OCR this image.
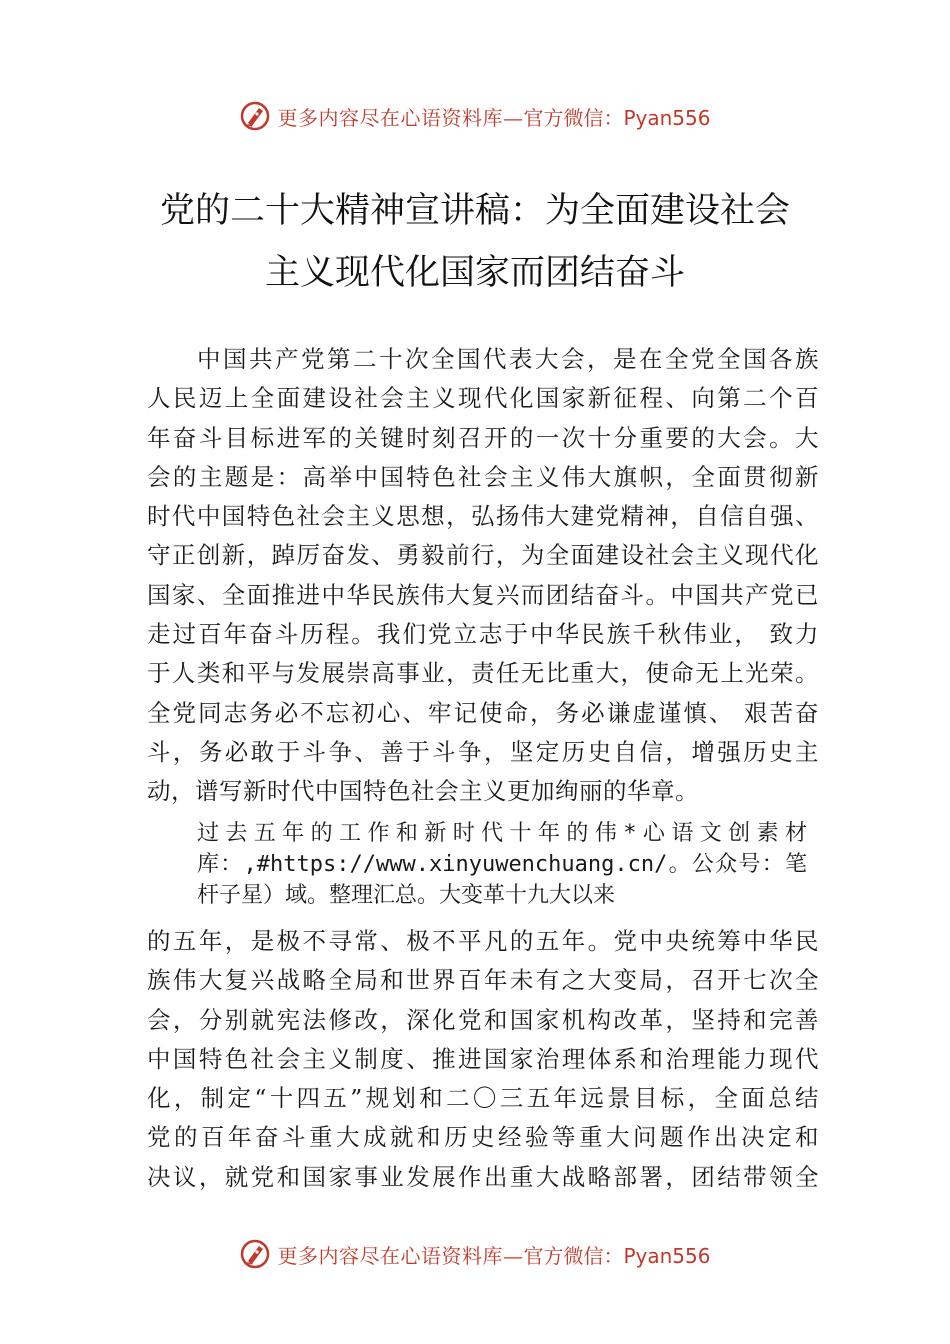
更多内容尽在心语资料库— 官方微信：Pyan556
党的二十大精神宣讲稿：为全面建设社会
主义现代化国家而团结奋斗
中国共产党第二十次全国代表大会，是在全党全国各族
人民迈上全面建设社会主义现代化国家新征程、向第二个百
年奋斗目标进军的关键时刻召开的一次十分重要的大会。大
会的主题是：高举中国特色社会主义伟大旗帜，全面贯彻新
时代中国特色社会主义思想，弘扬伟大建党精神，自信自强、
守正创新，踔厉奋发、勇毅前行，为全面建设社会主义现代化
国家、全面推进中华民族伟大复兴而团结奋斗。中国共产党已
走过百年奋斗历程。我们党立志于中华民族千秋伟业， 致力
于人类和平与发展崇高事业，责任无比重大，使命无上光荣。
全党同志务必不忘初心、牢记使命，务必谦虚谨慎、 艰苦奋
斗，务必敢于斗争、善于斗争，坚定历史自信，增强历史主
动，谱写新时代中国特色社会主义更加绚丽的华章。
过去五年的工作和新时代十年的伟*心语文创素材
库：,#https://www.xinyuwenchuang.cn/。公众号：笔
杆子星）域。整理汇总。大变革十九大以来
的五年，是极不寻常、极不平凡的五年。党中央统筹中华民
族伟大复兴战略全局和世界百年未有之大变局，召开七次全
会，分别就宪法修改，深化党和国家机构改革，坚持和完善
中国特色社会主义制度、推进国家治理体系和治理能力现代
化，制定“十四五”规划和二〇三五年远景目标，全面总结
党的百年奋斗重大成就和历史经验等重大问题作出决定和
决议，就党和国家事业发展作出重大战略部署，团结带领全
更多内容尽在心语资料库— 官方微信：Pyan556
